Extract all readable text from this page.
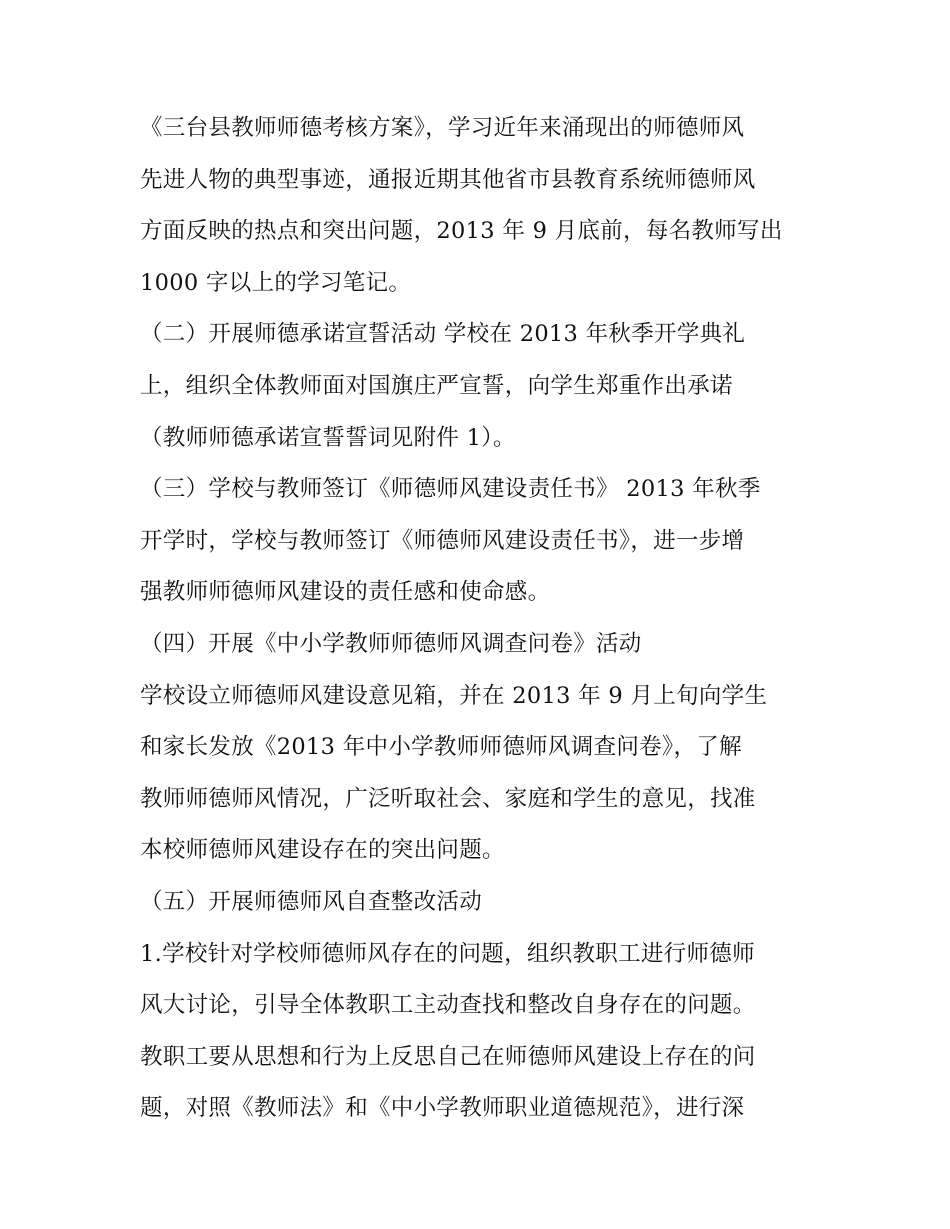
《三台县教师师德考核方案》，学习近年来涌现出的师德师风
先进人物的典型事迹，通报近期其他省市县教育系统师德师风
方面反映的热点和突出问题，2013 年 9 月底前，每名教师写出
1000 字以上的学习笔记。
（二）开展师德承诺宣誓活动 学校在 2013 年秋季开学典礼
上，组织全体教师面对国旗庄严宣誓，向学生郑重作出承诺
（教师师德承诺宣誓誓词见附件 1）。
（三）学校与教师签订《师德师风建设责任书》 2013 年秋季
开学时，学校与教师签订《师德师风建设责任书》，进一步增
强教师师德师风建设的责任感和使命感。
（四）开展《中小学教师师德师风调查问卷》活动
学校设立师德师风建设意见箱，并在 2013 年 9 月上旬向学生
和家长发放《2013 年中小学教师师德师风调查问卷》，了解
教师师德师风情况，广泛听取社会、家庭和学生的意见，找准
本校师德师风建设存在的突出问题。
（五）开展师德师风自查整改活动
1.学校针对学校师德师风存在的问题，组织教职工进行师德师
风大讨论，引导全体教职工主动查找和整改自身存在的问题。
教职工要从思想和行为上反思自己在师德师风建设上存在的问
题，对照《教师法》和《中小学教师职业道德规范》，进行深
